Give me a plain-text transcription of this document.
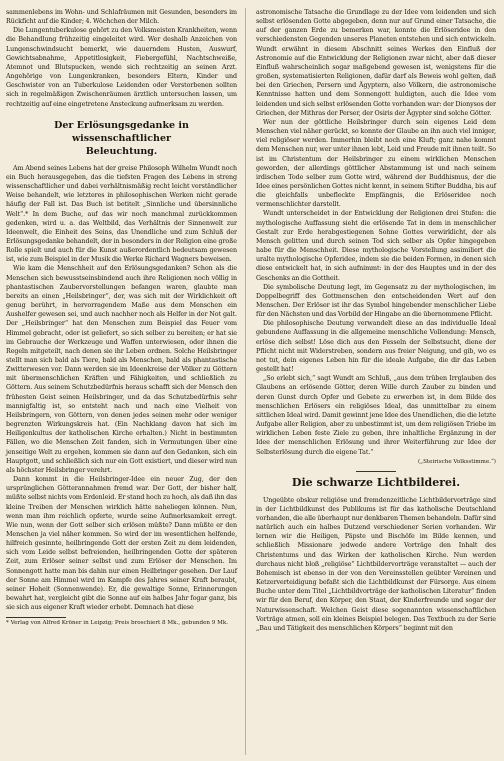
sammenlebens im Wohn- und Schlafräumen mit Gesunden, besonders im Rückficht auf die Kinder; 4. Wöchchen der Milch.

Die Lungentuberkulose gehört zu den Volksmeisten Krankheiten, wenn die Behandlung frühzeitig eingeleitet wird. Wer deshalb Anzeichen von Lungenschwindsucht bemerkt, wie dauerndem Husten, Auswurf, Gewichtsabnahme, Appetitlosigkeit, Fiebergefühl, Nachtschweiße, Atemnot und Blutspucken, wende sich rechtzeitig an seinen Arzt. Angehörige von Lungenkranken, besonders Eltern, Kinder und Geschwister von an Tuberkulose Leidenden oder Verstorbenen sollten sich in regelmäßigen Zwischenräumen ärztlich untersuchen lassen, um rechtzeitig auf eine eingetretene Ansteckung aufmerksam zu werden.

Der Erlösungsgedanke in wissenschaftlicher
Beleuchtung.

Am Abend seines Lebens hat der greise Philosoph Wilhelm Wundt noch ein Buch herausgegeben, das die tiefsten Fragen des Lebens in streng wissenschaftlicher und dabei verhältnismäßig recht leicht verständlicher Weise behandelt, wie letzteres in philosophischen Werken nicht gerade häufig der Fall ist. Das Buch ist betitelt „Sinnliche und übersinnliche Welt“.* In dem Buche, auf das wir noch manchmal zurückkommen gedenken, wird u. a. das Weltbild, das Verhältnis der Sinnenwelt zur Ideenwelt, die Einheit des Seins, das Unendliche und zum Schluß der Erlösungsgedanke behandelt, der in besonders in der Religion eine große Rolle spielt und auch für die Kunst außerordentlich bedeutsam gewesen ist, wie zum Beispiel in der Musik die Werke Richard Wagners beweisen.

Wie kam die Menschheit auf den Erlösungsgedanken? Schon als die Menschen sich bewusstseinsbindend auch ihre Religionen noch völlig in phantastischen Zaubervorstellungen befangen waren, glaubte man bereits an einen „Heilsbringer“, der, was sich mit der Wirklichkeit oft genug berührt, in hervorragendem Maße aus dem Menschen ein Aushelfer gewesen sei, und auch nachher noch als Helfer in der Not galt. Der „Heilsbringer“ hat den Menschen zum Beispiel das Feuer vom Himmel gebracht, oder ist geliefert, so sich selber zu bereiten; er hat sie im Gebrauche der Werkzeuge und Waffen unterwiesen, oder ihnen die Regeln mitgeteilt, nach denen sie ihr Leben ordnen. Solche Heilsbringer stellt man sich bald als Tiere, bald als Menschen, bald als phantastische Zwitterwesen vor. Dann werden sie im Ideenkreise der Völker zu Göttern mit übermenschlichen Kräften und Fähigkeiten, und schließlich zu Göttern. Aus seinem Schutzbedürfnis heraus schafft sich der Mensch den frühesten Geist seinen Heilsbringer, und da das Schutzbedürfnis sehr mannigfaltig ist, so entsteht nach und nach eine Vielheit von Heilsbringern, von Göttern, von denen jedes seinen mehr oder weniger begrenzten Wirkungskreis hat. (Ein Nachklang davon hat sich im Heiligenkultus der katholischen Kirche erhalten.) Nicht in bestimmten Fällen, wo die Menschen Zeit fanden, sich in Vermutungen über eine jenseitige Welt zu ergehen, kommen sie dann auf den Gedanken, sich ein Hauptgott, und schließlich sich nur ein Gott existiert, und dieser wird nun als höchster Heilsbringer verehrt.

Dann kommt in die Heilsbringer-Idee ein neuer Zug, der den ursprünglichen Götterannahmen fremd war. Der Gott, der bisher half, müßte selbst nichts vom Erdenleid. Er stand hoch zu hoch, als daß ihn das kleine Treiben der Menschen wirklich hätte naheliegen können. Nun, wenn man ihm reichlich opferte, wurde seine Aufmerksamkeit erregt. Wie nun, wenn der Gott selber sich erlösen müßte? Dann müßte er den Menschen ja viel näher kommen. So wird der im wesentlichen helfende, hilfreich gesinnte, heilbringende Gott der ersten Zeit zu dem leidenden, sich vom Leide selbst befreienden, heilbringenden Gotte der späteren Zeit, zum Erlöser seiner selbst und zum Erlöser der Menschen. Im Sonnengott hatte man bis dahin nur einen Heilbringer gesehen. Der Lauf der Sonne am Himmel wird im Kampfe des Jahres seiner Kraft beraubt, seiner Hoheit (Sonnenwende). Er, die gewaltige Sonne, Erinnerungen bewahrt hat, vergleicht gibt die Sonne auf ein halbes Jahr fogar ganz, bis sie sich aus eigener Kraft wieder erhebt. Demnach hat diese

* Verlag von Alfred Kröner in Leipzig; Preis broschiert 8 Mk., gebunden 9 Mk.

astronomische Tatsache die Grundlage zu der Idee vom leidenden und sich selbst erlösenden Gotte abgegeben, denn nur auf Grund einer Tatsache, die auf der ganzen Erde zu bemerken war, konnte die Erlöseridee in den verschiedensten Gegenden unseres Planeten entstehen und sich entwickeln. Wundt erwähnt in diesem Abschnitt seines Werkes den Einfluß der Astronomie auf die Entwicklung der Religionen zwar nicht, aber daß dieser Einfluß wahrscheinlich sogar maßgebend gewesen ist, wenigstens für die großen, systematisierten Religionen, dafür darf als Beweis wohl gelten, daß bei den Griechen, Persern und Ägyptern, also Völkern, die astronomische Kenntnisse hatten und dem Sonnengott huldigten, auch die Idee vom leidenden und sich selbst erlösenden Gotte vorhanden war: der Dionysos der Griechen, der Mithras der Perser, der Osiris der Ägypter sind solche Götter.

Wer nun der göttliche Heilsbringer durch sein eigenes Leid dem Menschen viel näher gerückt, so konnte der Glaube an ihn auch viel inniger, viel religiöser werden. Immerhin bleibt noch eine Kluft; ganz nahe kommt dem Menschen nur, wer unter ihnen lebt, Leid und Freude mit ihnen teilt. So ist im Christentum der Heilsbringer zu einem wirklichen Menschen geworden, der allerdings göttlicher Abstammung ist und nach seinem irdischen Tode selber zum Gotte wird, während der Buddhismus, der die Idee eines persönlichen Gottes nicht kennt, in seinem Stifter Buddha, bis auf die gleichfalls unbefleckte Empfängnis, die Erlöseridee noch vermenschlichter darstellt.

Wundt unterscheidet in der Entwicklung der Religionen drei Stufen: die mythologische Auffassung sieht die erlösende Tat in dem in menschlicher Gestalt zur Erde herabgestiegenen Sohne Gottes verwirklicht, der als Mensch gelitten und durch seinen Tod sich selber als Opfer hingegeben habe für die Menschheit. Diese mythologische Vorstellung assimiliert die uralte mythologische Opferidee, indem sie die beiden Formen, in denen sich diese entwickelt hat, in sich aufnimmt: in der des Hauptes und in der des Geschenks an die Gottheit.

Die symbolische Deutung legt, im Gegensatz zu der mythologischen, im Doppelbegriff des Gottmenschen den entscheidenden Wert auf den Menschen. Der Erlöser ist ihr das Symbol hingebender menschlicher Liebe für den Nächsten und das Vorbild der Hingabe an die übernommene Pflicht.

Die philosophische Deutung verwandelt diese an das individuelle Ideal gebundene Auffassung in die allgemeine menschliche Vollendung: Mensch, erlöse dich selbst! Löse dich aus den Fesseln der Selbstsucht, diene der Pflicht nicht mit Widerstreben, sondern aus freier Neigung, und gib, wo es not tut, dein eigenes Leben hin für die ideale Aufgabe, die dir das Leben gestellt hat!

„So erlebt sich,“ sagt Wundt am Schluß, „aus dem trüben Irrglauben des Glaubens an erlösende Götter, deren Wille durch Zauber zu binden und deren Gunst durch Opfer und Gebete zu erwerben ist, in dem Bilde des menschlichen Erlösers ein religiöses Ideal, das unmittelbar zu einem sittlichen Ideal wird. Damit gewinnt jene Idee des Unendlichen, die die letzte Aufgabe aller Religion, aber zu unbestimmt ist, um dem religiösen Triebe im wirklichen Leben feste Ziele zu geben, ihre inhaltliche Ergänzung in der Idee der menschlichen Erlösung und ihrer Weiterführung zur Idee der Selbsterlösung durch die eigene Tat.“

(„Steirische Volksstimme.“)

Die schwarze Lichtbilderei.

Ungeübte obskur religiöse und fremdenzeitliche Lichtbildervorträge sind in der Lichtbildkunst des Publikums ist für das katholische Deutschland vorhanden, die alle überhaupt nur denkbaren Themen behandeln. Dafür sind natürlich auch ein halbes Dutzend verschiedener Serien vorhanden. Wir lernen wir die Heiligen, Päpste und Bischöfe im Bilde kennen, und schließlich Missionare jedwede andere Vorträge den Inhalt des Christentums und das Wirken der katholischen Kirche. Nun werden durchaus nicht bloß „religiöse“ Lichtbildervorträge veranstaltet — auch der Bohemisch ist ebenso in der von den Vereinsstellen geübter Vereinen und Ketzerverteidigung befaßt sich die Lichtbildkunst der Fürsorge. Aus einem Buche unter dem Titel „Lichtbildvorträge der katholischen Literatur“ finden wir für den Beruf, den Körper, den Staat, der Kinderfreunde und sogar der Naturwissenschaft. Welchen Geist diese sogenannten wissenschaftlichen Vorträge atmen, soll ein kleines Beispiel belegen. Das Textbuch zu der Serie „Bau und Tätigkeit des menschlichen Körpers“ beginnt mit den
